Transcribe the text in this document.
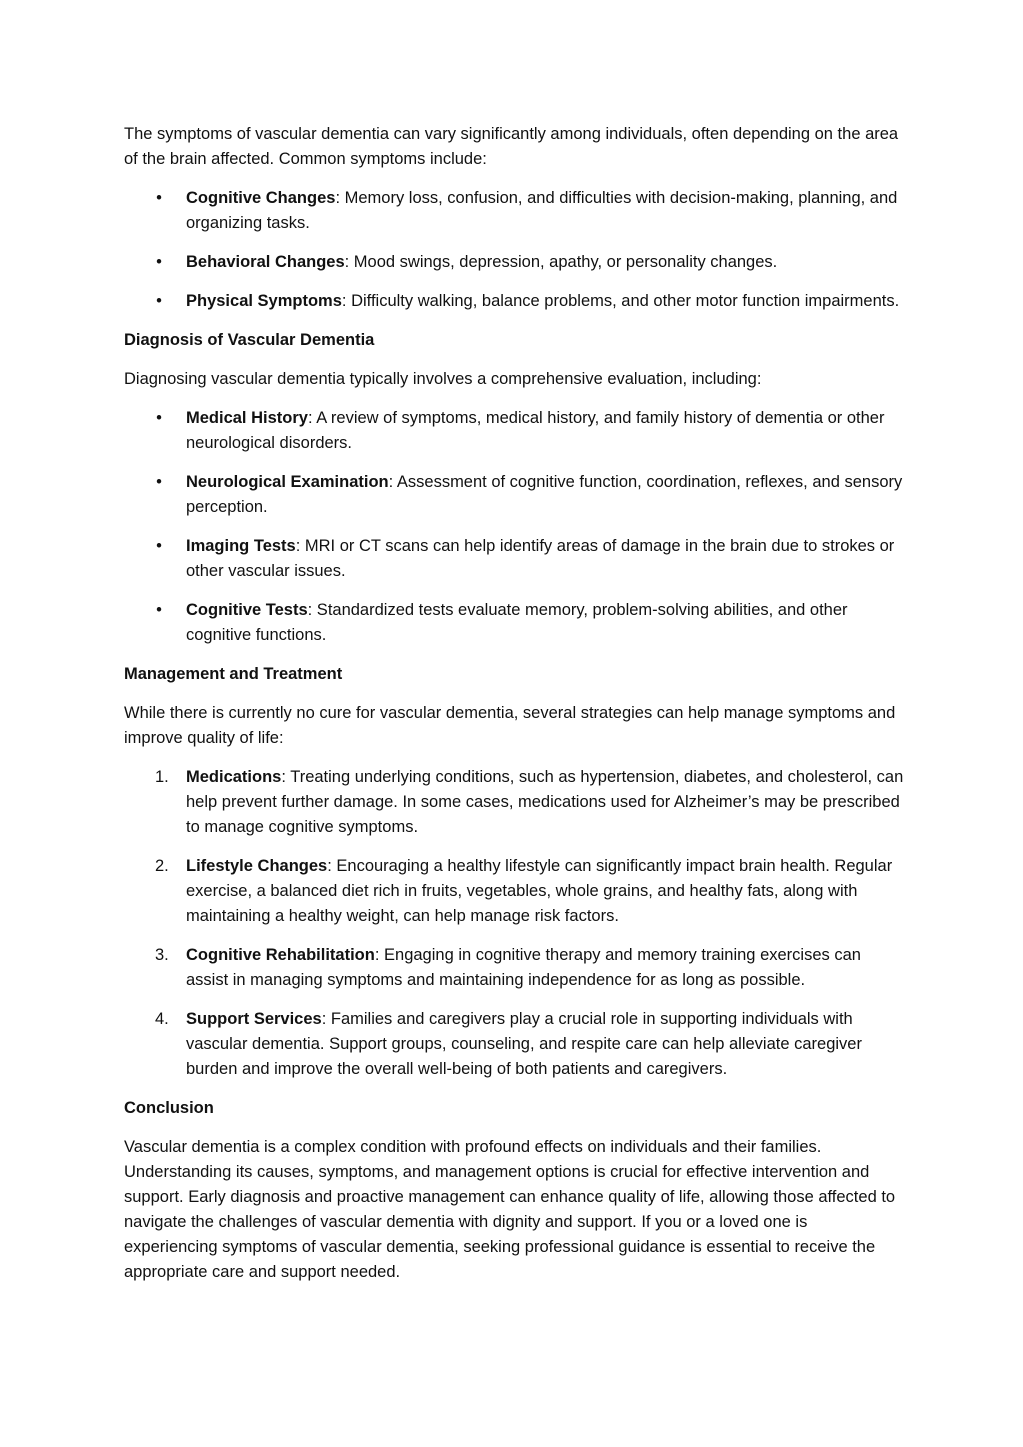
The symptoms of vascular dementia can vary significantly among individuals, often depending on the area of the brain affected. Common symptoms include:

• Cognitive Changes: Memory loss, confusion, and difficulties with decision-making, planning, and organizing tasks.
• Behavioral Changes: Mood swings, depression, apathy, or personality changes.
• Physical Symptoms: Difficulty walking, balance problems, and other motor function impairments.

Diagnosis of Vascular Dementia

Diagnosing vascular dementia typically involves a comprehensive evaluation, including:

• Medical History: A review of symptoms, medical history, and family history of dementia or other neurological disorders.
• Neurological Examination: Assessment of cognitive function, coordination, reflexes, and sensory perception.
• Imaging Tests: MRI or CT scans can help identify areas of damage in the brain due to strokes or other vascular issues.
• Cognitive Tests: Standardized tests evaluate memory, problem-solving abilities, and other cognitive functions.

Management and Treatment

While there is currently no cure for vascular dementia, several strategies can help manage symptoms and improve quality of life:

1. Medications: Treating underlying conditions, such as hypertension, diabetes, and cholesterol, can help prevent further damage. In some cases, medications used for Alzheimer’s may be prescribed to manage cognitive symptoms.
2. Lifestyle Changes: Encouraging a healthy lifestyle can significantly impact brain health. Regular exercise, a balanced diet rich in fruits, vegetables, whole grains, and healthy fats, along with maintaining a healthy weight, can help manage risk factors.
3. Cognitive Rehabilitation: Engaging in cognitive therapy and memory training exercises can assist in managing symptoms and maintaining independence for as long as possible.
4. Support Services: Families and caregivers play a crucial role in supporting individuals with vascular dementia. Support groups, counseling, and respite care can help alleviate caregiver burden and improve the overall well-being of both patients and caregivers.

Conclusion

Vascular dementia is a complex condition with profound effects on individuals and their families. Understanding its causes, symptoms, and management options is crucial for effective intervention and support. Early diagnosis and proactive management can enhance quality of life, allowing those affected to navigate the challenges of vascular dementia with dignity and support. If you or a loved one is experiencing symptoms of vascular dementia, seeking professional guidance is essential to receive the appropriate care and support needed.
